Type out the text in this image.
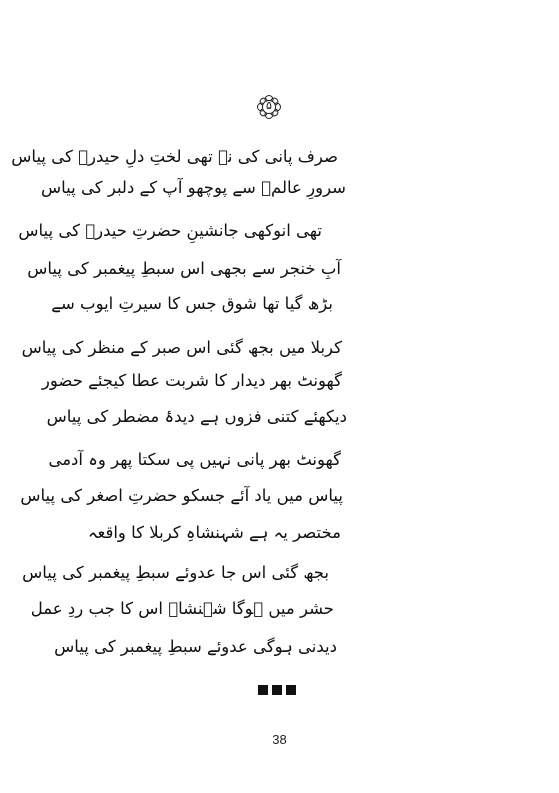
۵
صرف پانی کی نہ تھی لختِ دلِ حیدرؑ کی پیاس
سرورِ عالمؑ سے پوچھو آپ کے دلبر کی پیاس
تھی انوکھی جانشینِ حضرتِ حیدرؑ کی پیاس
آبِ خنجر سے بجھی اس سبطِ پیغمبر کی پیاس
بڑھ گیا تھا شوق جس کا سیرتِ ایوب سے
کربلا میں بجھ گئی اس صبر کے منظر کی پیاس
گھونٹ بھر دیدار کا شربت عطا کیجئے حضور
دیکھئے کتنی فزوں ہے دیدۂ مضطر کی پیاس
گھونٹ بھر پانی نہیں پی سکتا پھر وہ آدمی
پیاس میں یاد آئے جسکو حضرتِ اصغر کی پیاس
مختصر یہ ہے شہنشاہِ کربلا کا واقعہ
بجھ گئی اس جا عدوئے سبطِ پیغمبر کی پیاس
حشر میں ہوگا شہنشاؔ اس کا جب ردِ عمل
دیدنی ہوگی عدوئے سبطِ پیغمبر کی پیاس
38
